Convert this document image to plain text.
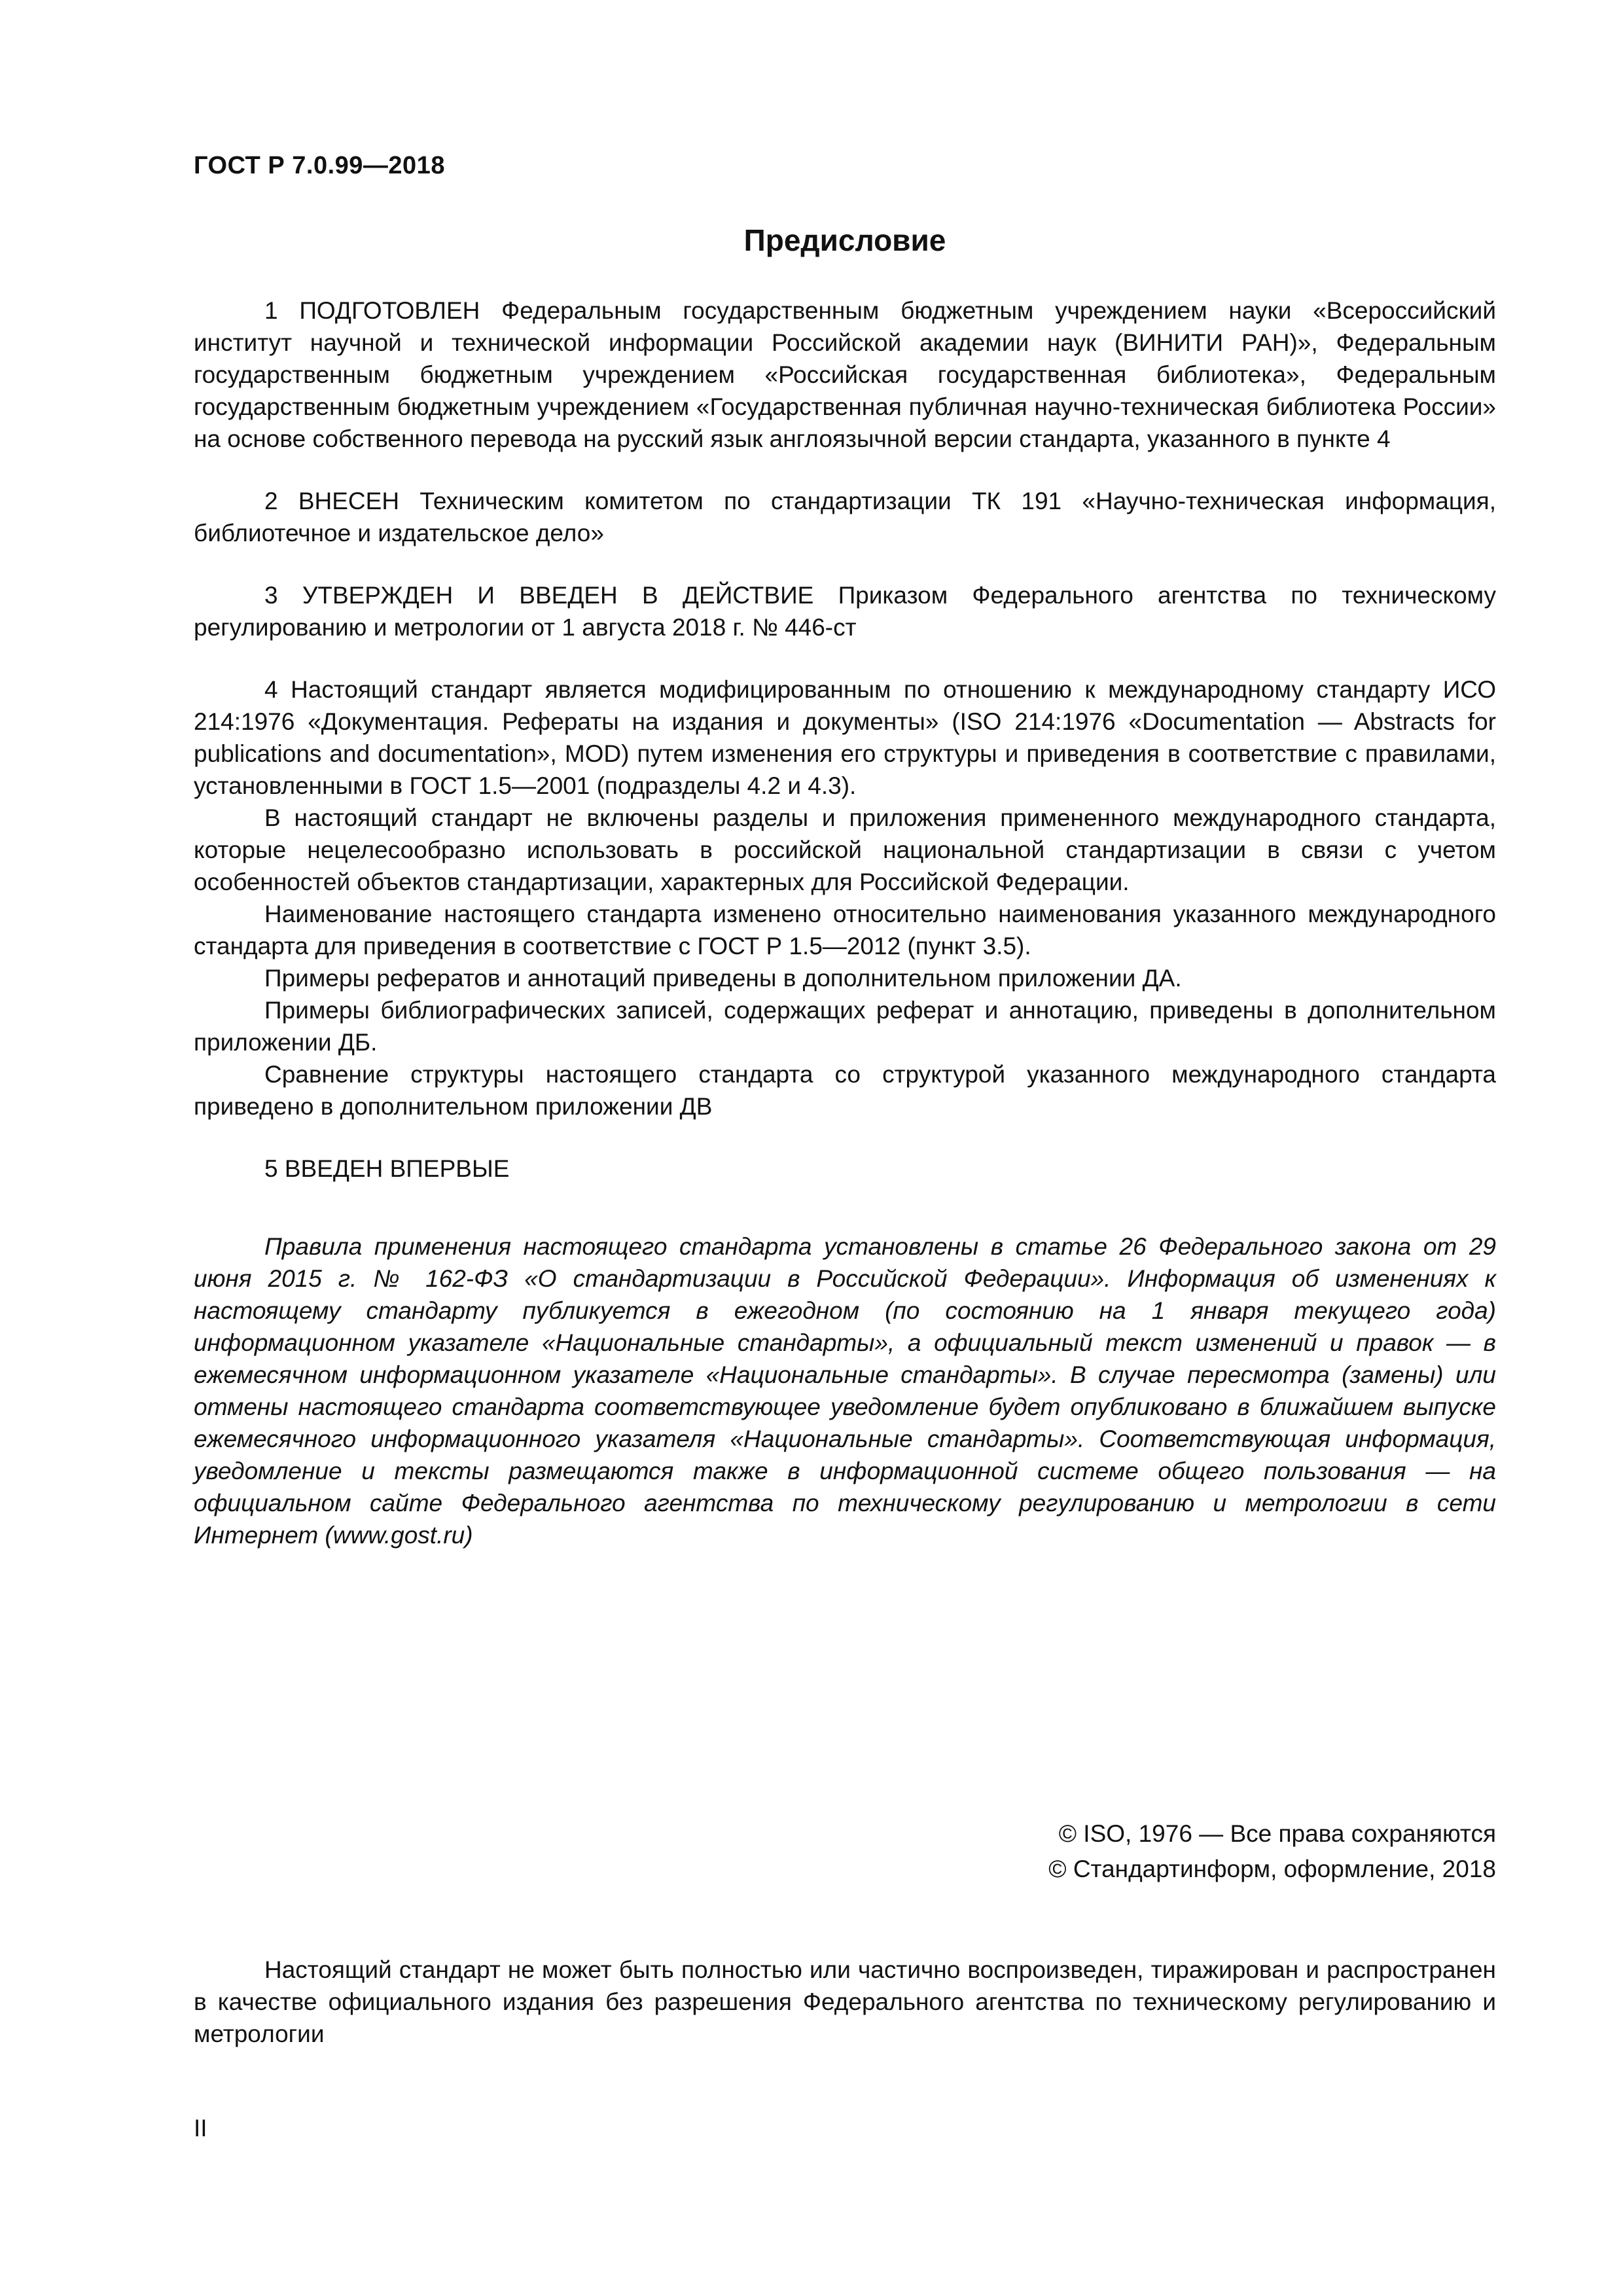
ГОСТ Р 7.0.99—2018
Предисловие

1 ПОДГОТОВЛЕН Федеральным государственным бюджетным учреждением науки «Всероссийский институт научной и технической информации Российской академии наук (ВИНИТИ РАН)», Федеральным государственным бюджетным учреждением «Российская государственная библиотека», Федеральным государственным бюджетным учреждением «Государственная публичная научно-техническая библиотека России» на основе собственного перевода на русский язык англоязычной версии стандарта, указанного в пункте 4

2 ВНЕСЕН Техническим комитетом по стандартизации ТК 191 «Научно-техническая информация, библиотечное и издательское дело»

3 УТВЕРЖДЕН И ВВЕДЕН В ДЕЙСТВИЕ Приказом Федерального агентства по техническому регулированию и метрологии от 1 августа 2018 г. № 446-ст

4 Настоящий стандарт является модифицированным по отношению к международному стандарту ИСО 214:1976 «Документация. Рефераты на издания и документы» (ISO 214:1976 «Documentation — Abstracts for publications and documentation», MOD) путем изменения его структуры и приведения в соответствие с правилами, установленными в ГОСТ 1.5—2001 (подразделы 4.2 и 4.3).

В настоящий стандарт не включены разделы и приложения примененного международного стандарта, которые нецелесообразно использовать в российской национальной стандартизации в связи с учетом особенностей объектов стандартизации, характерных для Российской Федерации.

Наименование настоящего стандарта изменено относительно наименования указанного международного стандарта для приведения в соответствие с ГОСТ Р 1.5—2012 (пункт 3.5).

Примеры рефератов и аннотаций приведены в дополнительном приложении ДА.

Примеры библиографических записей, содержащих реферат и аннотацию, приведены в дополнительном приложении ДБ.

Сравнение структуры настоящего стандарта со структурой указанного международного стандарта приведено в дополнительном приложении ДВ

5 ВВЕДЕН ВПЕРВЫЕ

Правила применения настоящего стандарта установлены в статье 26 Федерального закона от 29 июня 2015 г. № 162-ФЗ «О стандартизации в Российской Федерации». Информация об изменениях к настоящему стандарту публикуется в ежегодном (по состоянию на 1 января текущего года) информационном указателе «Национальные стандарты», а официальный текст изменений и правок — в ежемесячном информационном указателе «Национальные стандарты». В случае пересмотра (замены) или отмены настоящего стандарта соответствующее уведомление будет опубликовано в ближайшем выпуске ежемесячного информационного указателя «Национальные стандарты». Соответствующая информация, уведомление и тексты размещаются также в информационной системе общего пользования — на официальном сайте Федерального агентства по техническому регулированию и метрологии в сети Интернет (www.gost.ru)

© ISO, 1976 — Все права сохраняются
© Стандартинформ, оформление, 2018

Настоящий стандарт не может быть полностью или частично воспроизведен, тиражирован и распространен в качестве официального издания без разрешения Федерального агентства по техническому регулированию и метрологии

II
